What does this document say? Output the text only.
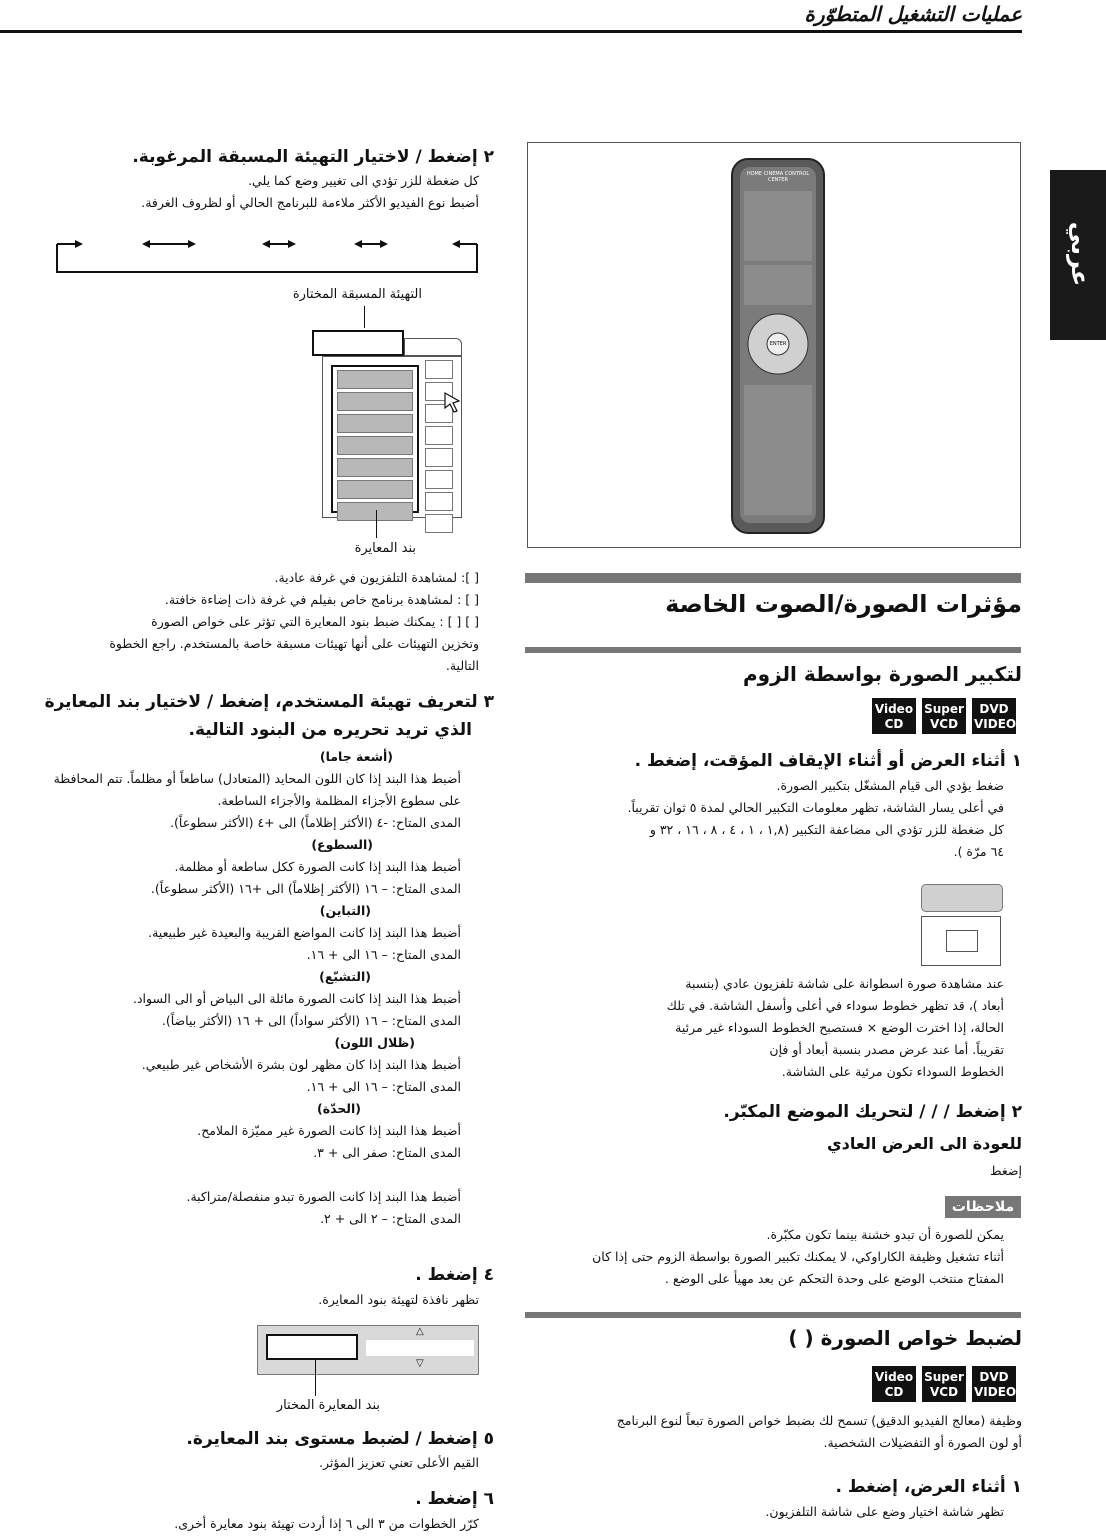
عمليات التشغيل المتطوّرة
عربي
٢ إضغط / لاختيار التهيئة المسبقة المرغوبة.
كل ضغطة للزر تؤدي الى تغيير وضع كما يلي.
أضبط نوع الفيديو الأكثر ملاءمة للبرنامج الحالي أو لظروف الغرفة.
التهيئة المسبقة المختارة
بند المعايرة
[ ]: لمشاهدة التلفزيون في غرفة عادية.
[ ] : لمشاهدة برنامج خاص بفيلم في غرفة ذات إضاءة خافتة.
[ ] [ ] : يمكنك ضبط بنود المعايرة التي تؤثر على خواص الصورة
وتخزين التهيئات على أنها تهيئات مسبقة خاصة بالمستخدم. راجع الخطوة
التالية.
٣ لتعريف تهيئة المستخدم، إضغط / لاختيار بند المعايرة
الذي تريد تحريره من البنود التالية.
(أشعة جاما)
أضبط هذا البند إذا كان اللون المحايد (المتعادل) ساطعاً أو مظلماً. تتم المحافظة
على سطوع الأجزاء المظلمة والأجزاء الساطعة.
المدى المتاح: -٤ (الأكثر إظلاماً) الى +٤ (الأكثر سطوعاً).
(السطوع)
أضبط هذا البند إذا كانت الصورة ككل ساطعة أو مظلمة.
المدى المتاح: – ١٦ (الأكثر إظلاماً) الى +١٦ (الأكثر سطوعاً).
(التباين)
أضبط هذا البند إذا كانت المواضع القريبة والبعيدة غير طبيعية.
المدى المتاح: – ١٦ الى + ١٦.
(التشبّع)
أضبط هذا البند إذا كانت الصورة مائلة الى البياض أو الى السواد.
المدى المتاح: – ١٦ (الأكثر سواداً) الى + ١٦ (الأكثر بياضاً).
(ظلال اللون)
أضبط هذا البند إذا كان مظهر لون بشرة الأشخاص غير طبيعي.
المدى المتاح: – ١٦ الى + ١٦.
(الحدّة)
أضبط هذا البند إذا كانت الصورة غير مميّزة الملامح.
المدى المتاح: صفر الى + ٣.
أضبط هذا البند إذا كانت الصورة تبدو منفصلة/متراكبة.
المدى المتاح: – ٢ الى + ٢.
٤ إضغط .
تظهر نافذة لتهيئة بنود المعايرة.
△
▽
بند المعايرة المختار
٥ إضغط / لضبط مستوى بند المعايرة.
القيم الأعلى تعني تعزيز المؤثر.
٦ إضغط .
كرّر الخطوات من ٣ الى ٦ إذا أردت تهيئة بنود معايرة أخرى.
HOME CINEMA CONTROL CENTER
ENTER
مؤثرات الصورة/الصوت الخاصة
لتكبير الصورة بواسطة الزوم
Video
CD
Super
VCD
DVD
VIDEO
١ أثناء العرض أو أثناء الإيقاف المؤقت، إضغط .
ضغط يؤدي الى قيام المشغّل بتكبير الصورة.
في أعلى يسار الشاشة، تظهر معلومات التكبير الحالي لمدة ٥ ثوان تقريباً.
كل ضغطة للزر تؤدي الى مضاعفة التكبير (١,٨ ، ١ ، ٤ ، ٨ ، ١٦ ، ٣٢ و
٦٤ مرّة ).
عند مشاهدة صورة اسطوانة على شاشة تلفزيون عادي (بنسبة
أبعاد )، قد تظهر خطوط سوداء في أعلى وأسفل الشاشة. في تلك
الحالة، إذا اخترت الوضع × فستصبح الخطوط السوداء غير مرئية
تقريباً. أما عند عرض مصدر بنسبة أبعاد أو فإن
الخطوط السوداء تكون مرئية على الشاشة.
٢ إضغط / / / لتحريك الموضع المكبّر.
للعودة الى العرض العادي
إضغط
ملاحظات
يمكن للصورة أن تبدو خشنة بينما تكون مكبّرة.
أثناء تشغيل وظيفة الكاراوكي، لا يمكنك تكبير الصورة بواسطة الزوم حتى إذا كان
المفتاح منتخب الوضع على وحدة التحكم عن بعد مهيأ على الوضع .
لضبط خواص الصورة ( )
Video
CD
Super
VCD
DVD
VIDEO
وظيفة (معالج الفيديو الدقيق) تسمح لك بضبط خواص الصورة تبعاً لنوع البرنامج
أو لون الصورة أو التفضيلات الشخصية.
١ أثناء العرض، إضغط .
تظهر شاشة اختيار وضع على شاشة التلفزيون.
